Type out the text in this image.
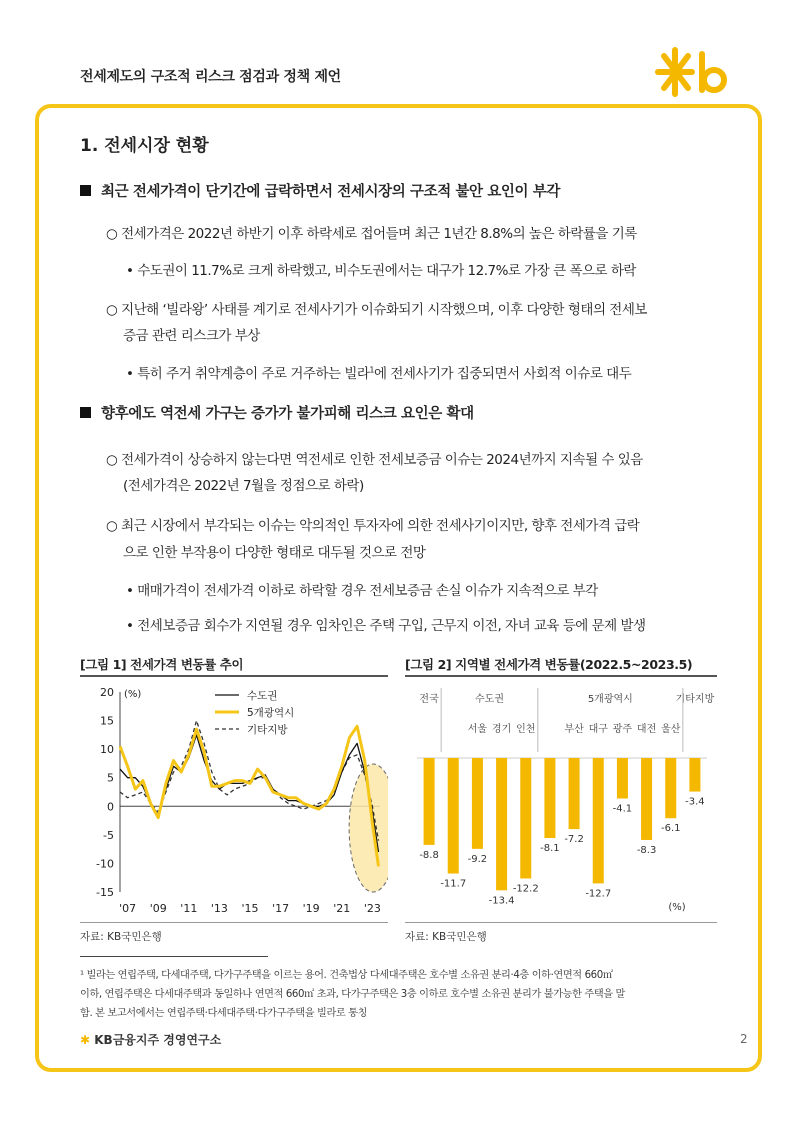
전세제도의 구조적 리스크 점검과 정책 제언
1. 전세시장 현황
최근 전세가격이 단기간에 급락하면서 전세시장의 구조적 불안 요인이 부각
○ 전세가격은 2022년 하반기 이후 하락세로 접어들며 최근 1년간 8.8%의 높은 하락률을 기록
• 수도권이 11.7%로 크게 하락했고, 비수도권에서는 대구가 12.7%로 가장 큰 폭으로 하락
○ 지난해 ‘빌라왕’ 사태를 계기로 전세사기가 이슈화되기 시작했으며, 이후 다양한 형태의 전세보
증금 관련 리스크가 부상
• 특히 주거 취약계층이 주로 거주하는 빌라$^1$에 전세사기가 집중되면서 사회적 이슈로 대두
향후에도 역전세 가구는 증가가 불가피해 리스크 요인은 확대
○ 전세가격이 상승하지 않는다면 역전세로 인한 전세보증금 이슈는 2024년까지 지속될 수 있음
(전세가격은 2022년 7월을 정점으로 하락)
○ 최근 시장에서 부각되는 이슈는 악의적인 투자자에 의한 전세사기이지만, 향후 전세가격 급락
으로 인한 부작용이 다양한 형태로 대두될 것으로 전망
• 매매가격이 전세가격 이하로 하락할 경우 전세보증금 손실 이슈가 지속적으로 부각
• 전세보증금 회수가 지연될 경우 임차인은 주택 구입, 근무지 이전, 자녀 교육 등에 문제 발생
[그림 1] 전세가격 변동률 추이
20
15
10
5
0
-5
-10
-15
(%)
'07 '09 '11 '13 '15 '17 '19 '21 '23
수도권
5개광역시
기타지방
자료: KB국민은행
[그림 2] 지역별 전세가격 변동률(2022.5~2023.5)
전국	수도권	5개광역시	기타지방
서울 경기 인천	부산 대구 광주 대전 울산
-8.8
-11.7
-9.2
-13.4
-12.2
-8.1
-7.2
-12.7
-4.1
-8.3
-6.1
-3.4
(%)
자료: KB국민은행
¹ 빌라는 연립주택, 다세대주택, 다가구주택을 이르는 용어. 건축법상 다세대주택은 호수별 소유권 분리·4층 이하·연면적 660㎡
이하, 연립주택은 다세대주택과 동일하나 연면적 660㎡ 초과, 다가구주택은 3층 이하로 호수별 소유권 분리가 불가능한 주택을 말
함. 본 보고서에서는 연립주택·다세대주택·다가구주택을 빌라로 통칭
✱ KB금융지주 경영연구소	2
